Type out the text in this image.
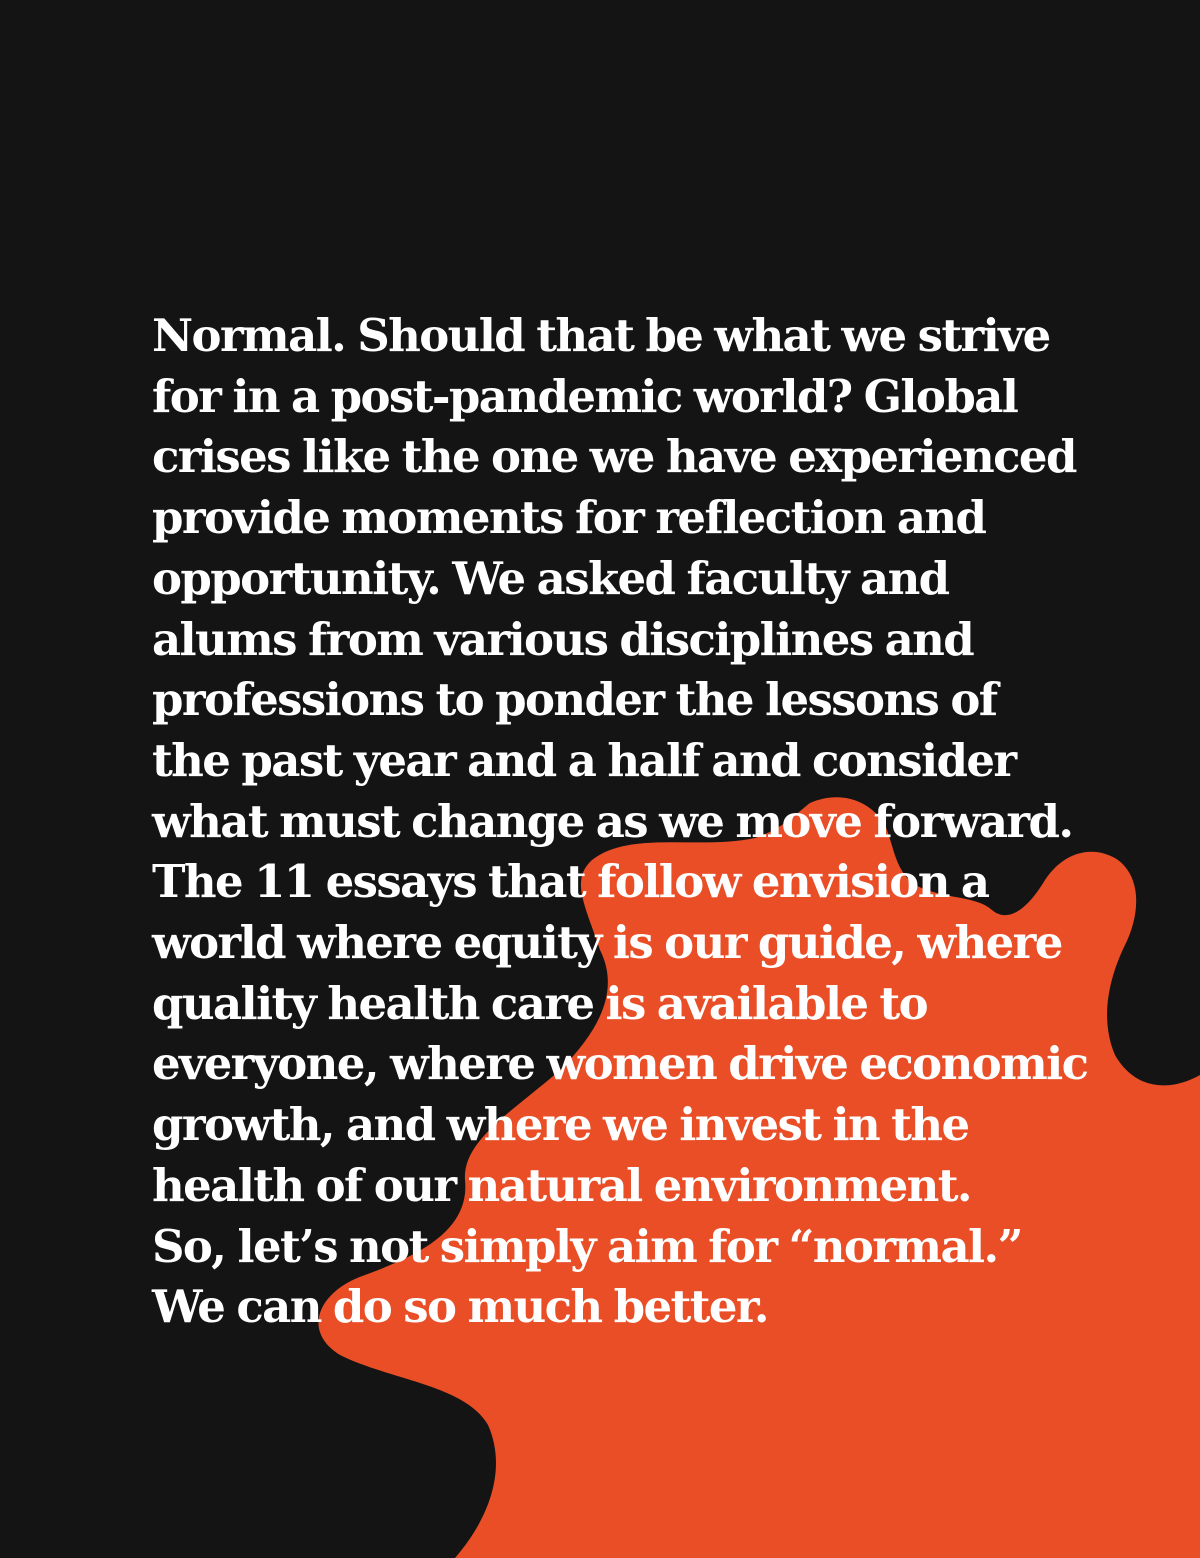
Normal. Should that be what we strive
for in a post-pandemic world? Global
crises like the one we have experienced
provide moments for reflection and
opportunity. We asked faculty and
alums from various disciplines and
professions to ponder the lessons of
the past year and a half and consider
what must change as we move forward.
The 11 essays that follow envision a
world where equity is our guide, where
quality health care is available to
everyone, where women drive economic
growth, and where we invest in the
health of our natural environment.
So, let’s not simply aim for “normal.”
We can do so much better.
